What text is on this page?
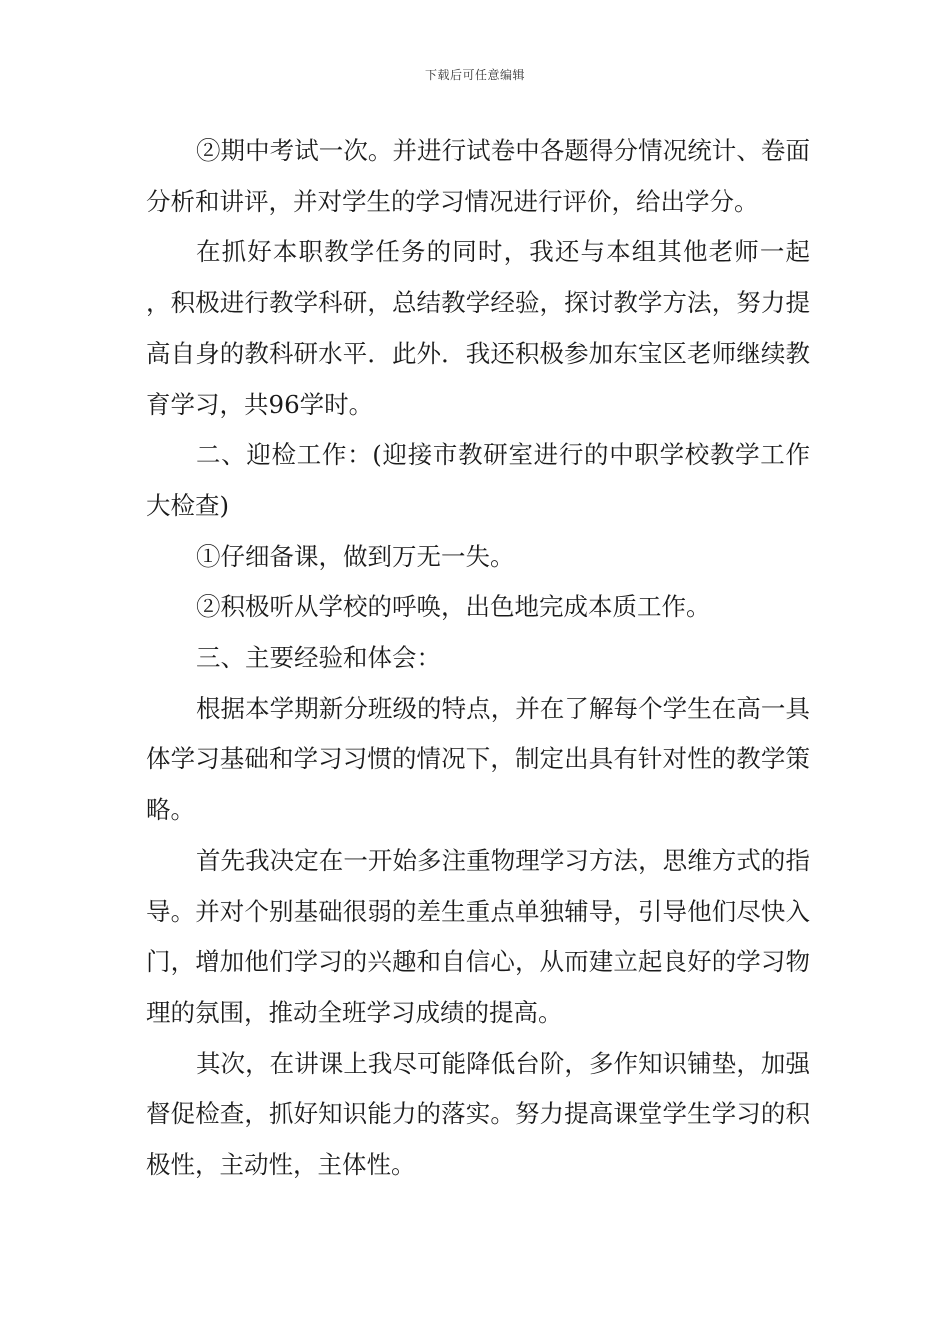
下载后可任意编辑

②期中考试一次。并进行试卷中各题得分情况统计、卷面分析和讲评，并对学生的学习情况进行评价，给出学分。

在抓好本职教学任务的同时，我还与本组其他老师一起 ，积极进行教学科研，总结教学经验，探讨教学方法，努力提高自身的教科研水平．此外．我还积极参加东宝区老师继续教育学习，共96学时。

二、迎检工作：(迎接市教研室进行的中职学校教学工作大检查)

①仔细备课，做到万无一失。

②积极听从学校的呼唤，出色地完成本质工作。

三、主要经验和体会：

根据本学期新分班级的特点，并在了解每个学生在高一具体学习基础和学习习惯的情况下，制定出具有针对性的教学策略。

首先我决定在一开始多注重物理学习方法，思维方式的指导。并对个别基础很弱的差生重点单独辅导，引导他们尽快入门，增加他们学习的兴趣和自信心，从而建立起良好的学习物理的氛围，推动全班学习成绩的提高。

其次，在讲课上我尽可能降低台阶，多作知识铺垫，加强督促检查，抓好知识能力的落实。努力提高课堂学生学习的积极性，主动性，主体性。
